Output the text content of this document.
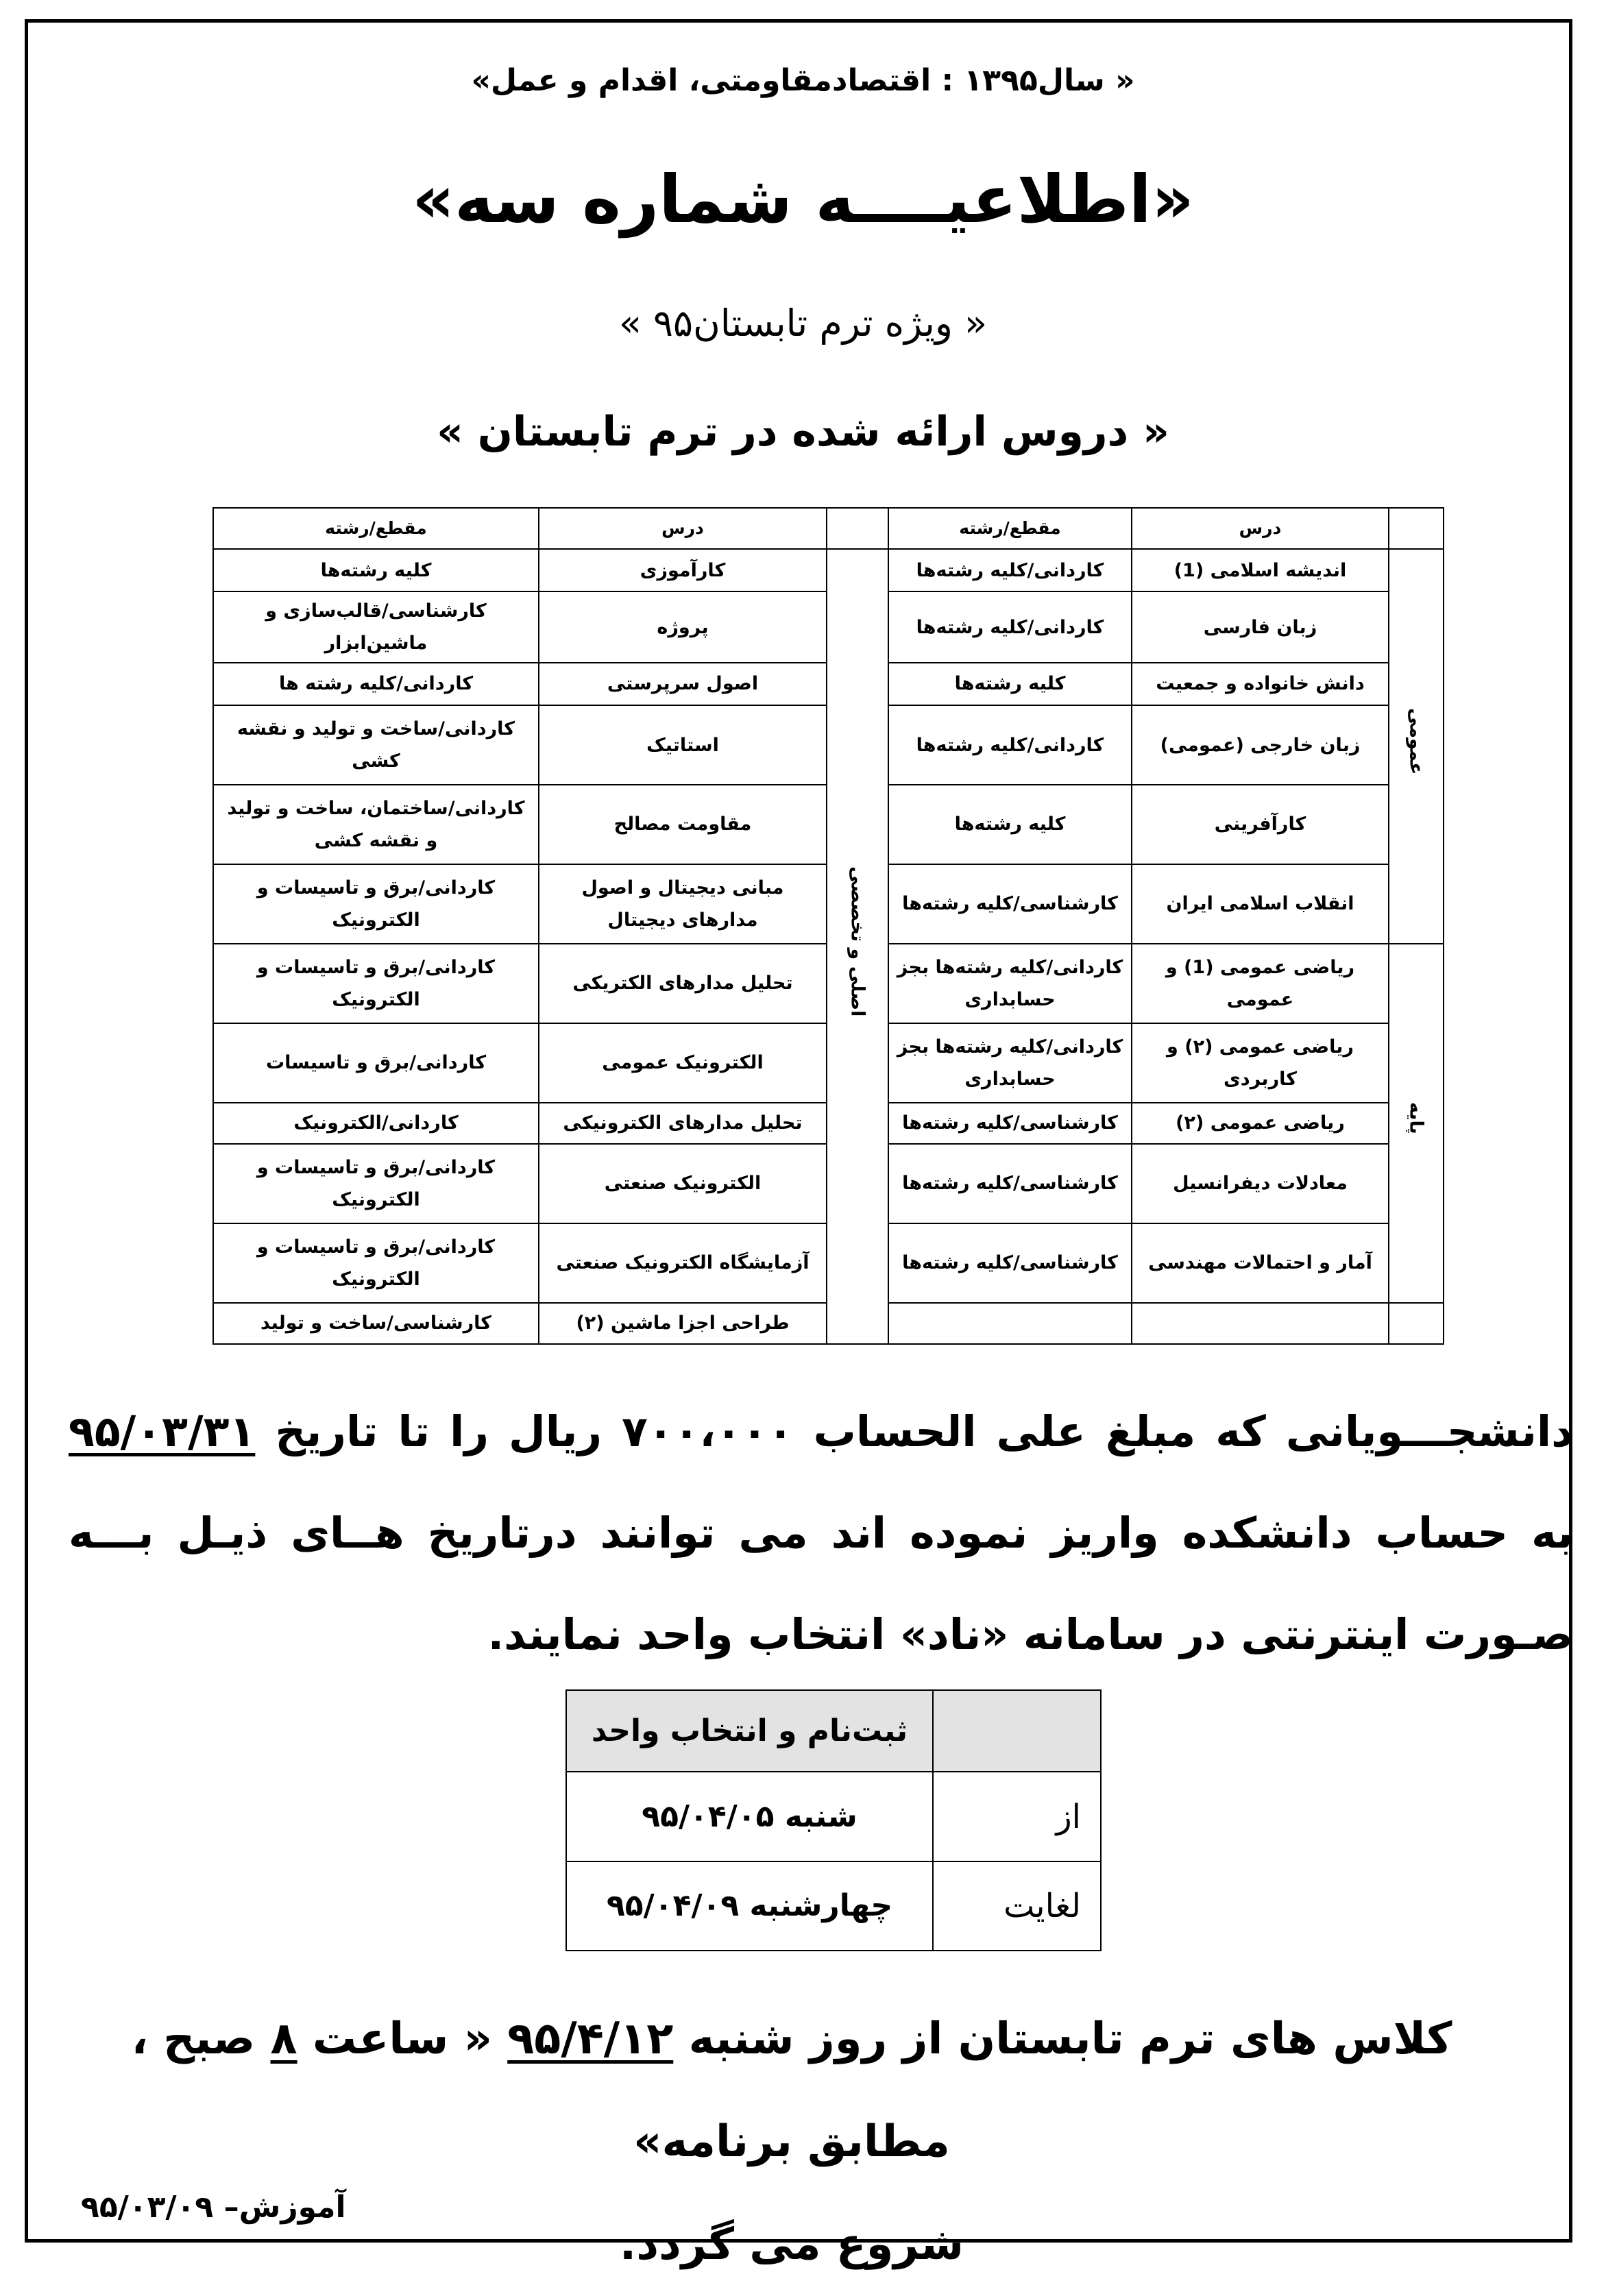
« سال۱۳۹۵ : اقتصادمقاومتی، اقدام و عمل»
«اطلاعیــــه شماره سه»
« ویژه ترم تابستان۹۵ »
« دروس ارائه شده در ترم تابستان »
	درس	مقطع/رشته		درس	مقطع/رشته
عمومی	اندیشه اسلامی (1)	کاردانی/کلیه رشته‌ها	اصلی و تخصصی	کارآموزی	کلیه رشته‌ها
	زبان فارسی	کاردانی/کلیه رشته‌ها		پروژه	کارشناسی/قالب‌سازی و ماشین‌ابزار
	دانش خانواده و جمعیت	کلیه رشته‌ها		اصول سرپرستی	کاردانی/کلیه رشته ها
	زبان خارجی (عمومی)	کاردانی/کلیه رشته‌ها		استاتیک	کاردانی/ساخت و تولید و نقشه کشی
	کارآفرینی	کلیه رشته‌ها		مقاومت مصالح	کاردانی/ساختمان، ساخت و تولید و نقشه کشی
	انقلاب اسلامی ایران	کارشناسی/کلیه رشته‌ها		مبانی دیجیتال و اصول مدارهای دیجیتال	کاردانی/برق و تاسیسات و الکترونیک
پایه	ریاضی عمومی (1) و عمومی	کاردانی/کلیه رشته‌ها بجز حسابداری		تحلیل مدارهای الکتریکی	کاردانی/برق و تاسیسات و الکترونیک
	ریاضی عمومی (۲) و کاربردی	کاردانی/کلیه رشته‌ها بجز حسابداری		الکترونیک عمومی	کاردانی/برق و تاسیسات
	ریاضی عمومی (۲)	کارشناسی/کلیه رشته‌ها		تحلیل مدارهای الکترونیکی	کاردانی/الکترونیک
	معادلات دیفرانسیل	کارشناسی/کلیه رشته‌ها		الکترونیک صنعتی	کاردانی/برق و تاسیسات و الکترونیک
	آمار و احتمالات مهندسی	کارشناسی/کلیه رشته‌ها		آزمایشگاه الکترونیک صنعتی	کاردانی/برق و تاسیسات و الکترونیک
				طراحی اجزا ماشین (۲)	کارشناسی/ساخت و تولید

دانشجـــویانی که مبلغ علی الحساب ۷۰۰،۰۰۰ ریال را تا تاریخ ۹۵/۰۳/۳۱ به حساب دانشکده واریز نموده اند می توانند درتاریخ هــای ذیـل بـــه صـورت اینترنتی در سامانه «ناد» انتخاب واحد نمایند.

	ثبت‌نام و انتخاب واحد
از	شنبه ۹۵/۰۴/۰۵
لغایت	چهارشنبه ۹۵/۰۴/۰۹

کلاس های ترم تابستان از روز شنبه ۹۵/۴/۱۲ « ساعت ۸ صبح ، مطابق برنامه»

شروع می گردد.

آموزش– ۹۵/۰۳/۰۹
